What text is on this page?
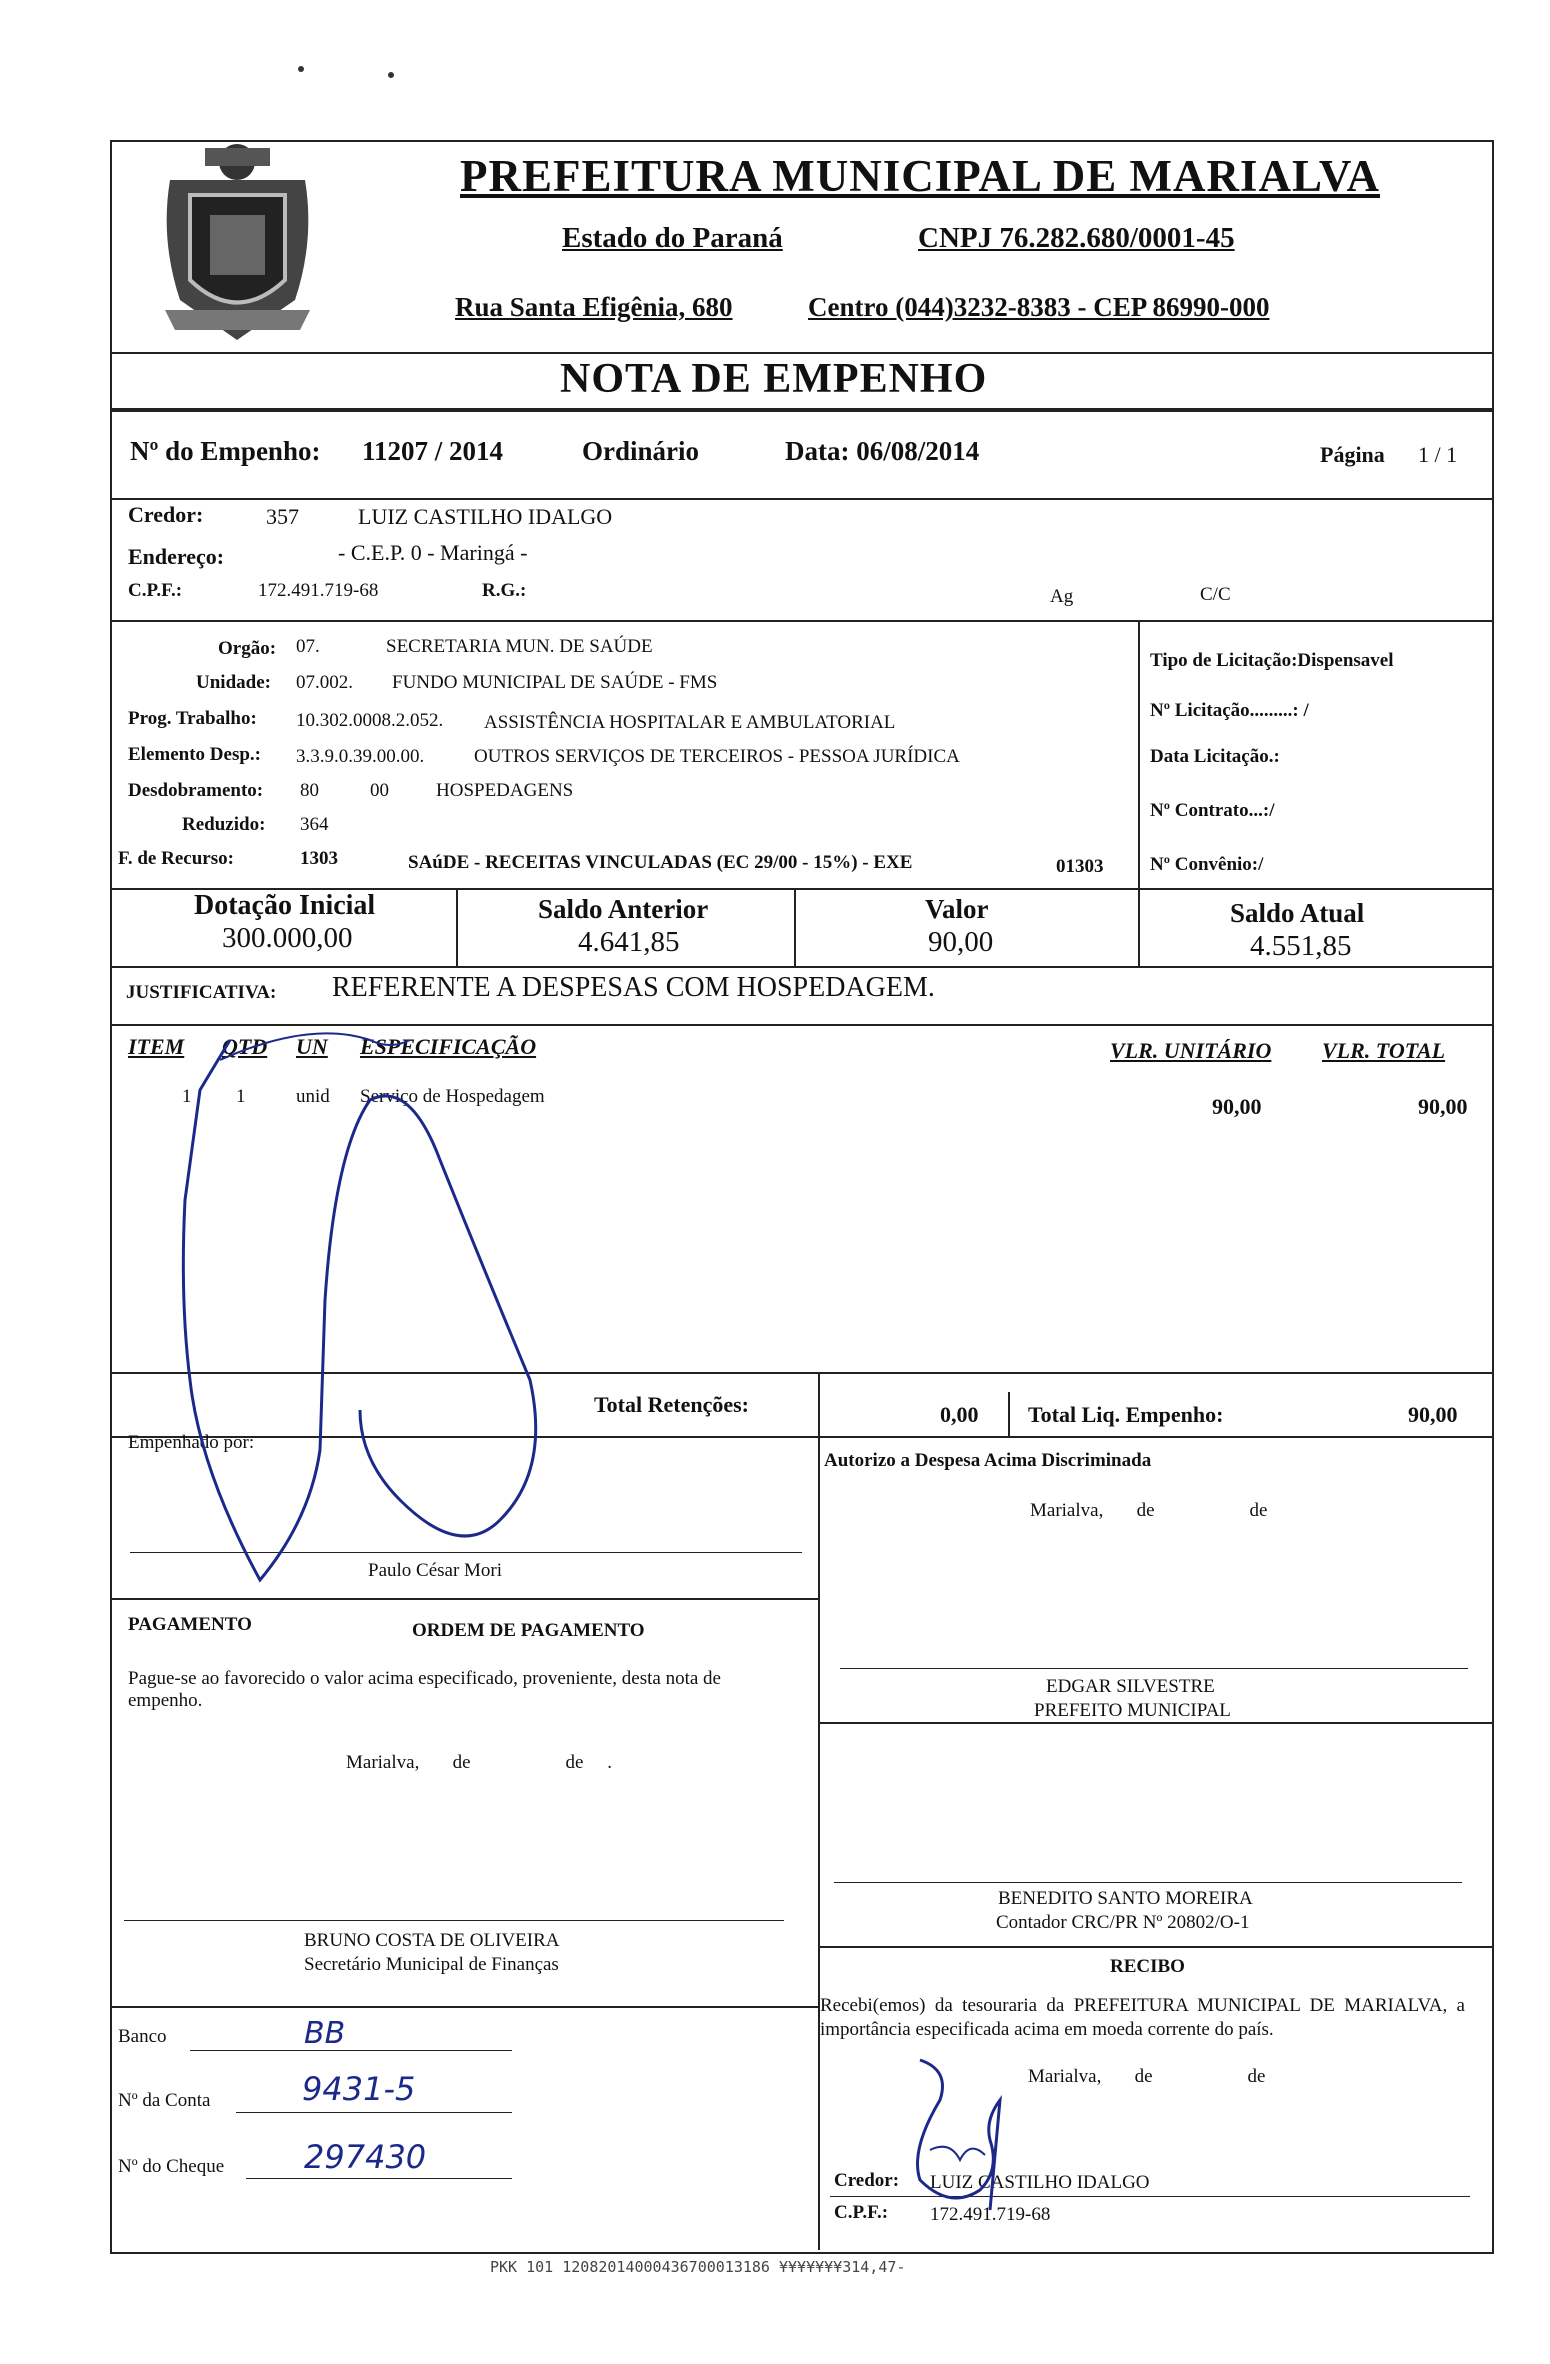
PREFEITURA MUNICIPAL DE MARIALVA
Estado do Paraná	CNPJ 76.282.680/0001-45
Rua Santa Efigênia, 680	Centro (044)3232-8383 - CEP 86990-000
NOTA DE EMPENHO
Nº do Empenho: 11207 / 2014	Ordinário	Data: 06/08/2014	Página 1 / 1
Credor:	357	LUIZ CASTILHO IDALGO
Endereço:	- C.E.P. 0 - Maringá -
C.P.F.:	172.491.719-68	R.G.:	Ag	C/C
Orgão: 07.	SECRETARIA MUN. DE SAÚDE
Unidade: 07.002. FUNDO MUNICIPAL DE SAÚDE - FMS
Prog. Trabalho: 10.302.0008.2.052. ASSISTÊNCIA HOSPITALAR E AMBULATORIAL
Elemento Desp.: 3.3.9.0.39.00.00.	OUTROS SERVIÇOS DE TERCEIROS - PESSOA JURÍDICA
Desdobramento: 80	00 HOSPEDAGENS
Reduzido: 364
F. de Recurso:	1303	SAúDE - RECEITAS VINCULADAS (EC 29/00 - 15%) - EXE	01303
Tipo de Licitação:Dispensavel
Nº Licitação.........: /
Data Licitação.:
Nº Contrato...:/
Nº Convênio:/
Dotação Inicial
300.000,00
Saldo Anterior
4.641,85
Valor
90,00
Saldo Atual
4.551,85
JUSTIFICATIVA: REFERENTE A DESPESAS COM HOSPEDAGEM.
ITEM QTD UN ESPECIFICAÇÃO	VLR. UNITÁRIO VLR. TOTAL
1 1	unid Serviço de Hospedagem	90,00	90,00
Total Retenções:	0,00 Total Liq. Empenho:	90,00
Empenhado por:
Autorizo a Despesa Acima Discriminada
Marialva,       de                    de
Paulo César Mori
PAGAMENTO	ORDEM DE PAGAMENTO
Pague-se ao favorecido o valor acima especificado, proveniente, desta nota de empenho.
Marialva,       de                    de     .
EDGAR SILVESTRE
PREFEITO MUNICIPAL
BENEDITO SANTO MOREIRA
Contador CRC/PR Nº 20802/O-1
BRUNO COSTA DE OLIVEIRA
Secretário Municipal de Finanças	RECIBO
Recebi(emos) da tesouraria da PREFEITURA MUNICIPAL DE MARIALVA, a importância especificada acima em moeda corrente do país.
Marialva,       de                    de
Banco	BB
Nº da Conta	9431-5
Nº do Cheque 297430
Credor: LUIZ CASTILHO IDALGO
C.P.F.: 172.491.719-68
PKK 101 12082014000436700013186 ¥¥¥¥¥¥¥314,47-
